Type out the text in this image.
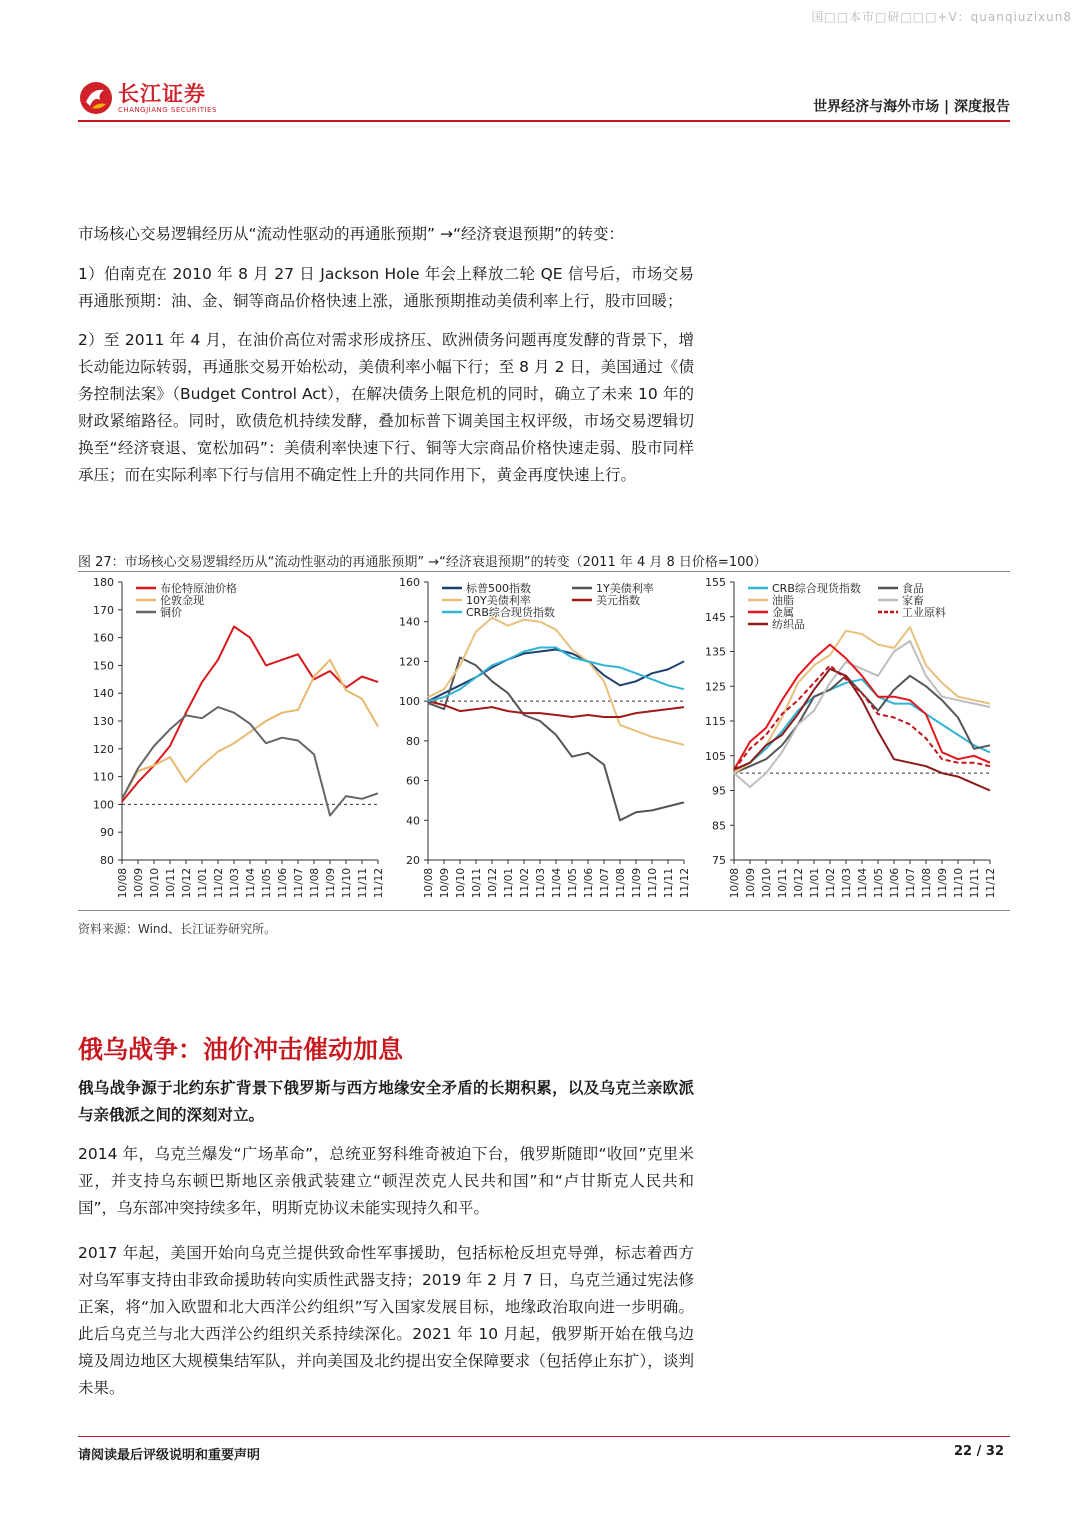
国□□本市□研□□□+V：quanqiuzixun8
长江证券
CHANGJIANG SECURITIES	世界经济与海外市场 | 深度报告
市场核心交易逻辑经历从“流动性驱动的再通胀预期” →“经济衰退预期”的转变：
1）伯南克在 2010 年 8 月 27 日 Jackson Hole 年会上释放二轮 QE 信号后，市场交易再通胀预期：油、金、铜等商品价格快速上涨，通胀预期推动美债利率上行，股市回暖；
2）至 2011 年 4 月，在油价高位对需求形成挤压、欧洲债务问题再度发酵的背景下，增长动能边际转弱，再通胀交易开始松动，美债利率小幅下行；至 8 月 2 日，美国通过《债务控制法案》（Budget Control Act），在解决债务上限危机的同时，确立了未来 10 年的财政紧缩路径。同时，欧债危机持续发酵，叠加标普下调美国主权评级，市场交易逻辑切换至“经济衰退、宽松加码”：美债利率快速下行、铜等大宗商品价格快速走弱、股市同样承压；而在实际利率下行与信用不确定性上升的共同作用下，黄金再度快速上行。
图 27：市场核心交易逻辑经历从“流动性驱动的再通胀预期” →“经济衰退预期”的转变（2011 年 4 月 8 日价格=100）
80
90
100
110
120
130
140
150
160
170
180
10/08 10/09 10/10 10/11 10/12 11/01 11/02 11/03 11/04 11/05 11/06 11/07 11/08 11/09 11/10 11/11 11/12
布伦特原油价格
伦敦金现
铜价
20
40
60
80
100
120
140
160
10/08 10/09 10/10 10/11 10/12 11/01 11/02 11/03 11/04 11/05 11/06 11/07 11/08 11/09 11/10 11/11 11/12
标普500指数	1Y美债利率
10Y美债利率	美元指数
CRB综合现货指数
75
85
95
105
115
125
135
145
155
10/08 10/09 10/10 10/11 10/12 11/01 11/02 11/03 11/04 11/05 11/06 11/07 11/08 11/09 11/10 11/11 11/12
CRB综合现货指数	食品
油脂	家畜
金属	工业原料
纺织品
资料来源：Wind、长江证券研究所。
俄乌战争：油价冲击催动加息
俄乌战争源于北约东扩背景下俄罗斯与西方地缘安全矛盾的长期积累，以及乌克兰亲欧派与亲俄派之间的深刻对立。
2014 年，乌克兰爆发“广场革命”，总统亚努科维奇被迫下台，俄罗斯随即“收回”克里米亚，并支持乌东顿巴斯地区亲俄武装建立“顿涅茨克人民共和国”和“卢甘斯克人民共和国”，乌东部冲突持续多年，明斯克协议未能实现持久和平。
2017 年起，美国开始向乌克兰提供致命性军事援助，包括标枪反坦克导弹，标志着西方对乌军事支持由非致命援助转向实质性武器支持；2019 年 2 月 7 日，乌克兰通过宪法修正案，将“加入欧盟和北大西洋公约组织”写入国家发展目标，地缘政治取向进一步明确。此后乌克兰与北大西洋公约组织关系持续深化。2021 年 10 月起，俄罗斯开始在俄乌边境及周边地区大规模集结军队，并向美国及北约提出安全保障要求（包括停止东扩），谈判未果。
请阅读最后评级说明和重要声明	22 / 32
